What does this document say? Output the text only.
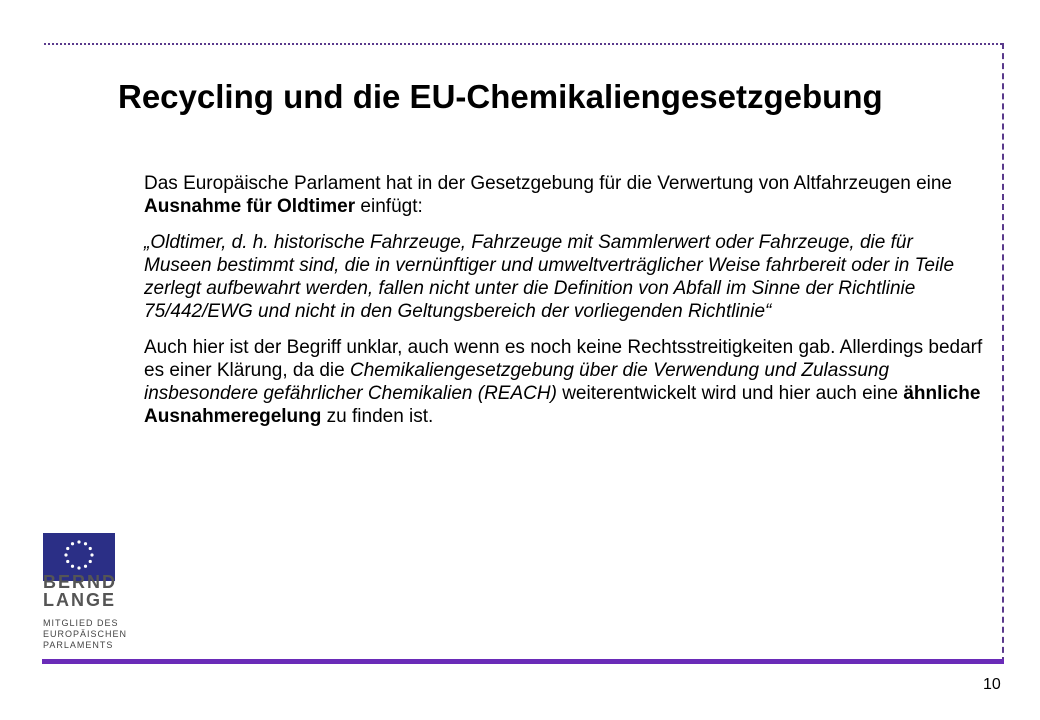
Recycling und die EU-Chemikaliengesetzgebung

Das Europäische Parlament hat in der Gesetzgebung für die Verwertung von Altfahrzeugen eine Ausnahme für Oldtimer einfügt:

„Oldtimer, d. h. historische Fahrzeuge, Fahrzeuge mit Sammlerwert oder Fahrzeuge, die für Museen bestimmt sind, die in vernünftiger und umweltverträglicher Weise fahrbereit oder in Teile zerlegt aufbewahrt werden, fallen nicht unter die Definition von Abfall im Sinne der Richtlinie 75/442/EWG und nicht in den Geltungsbereich der vorliegenden Richtlinie“

Auch hier ist der Begriff unklar, auch wenn es noch keine Rechtsstreitigkeiten gab. Allerdings bedarf es einer Klärung, da die Chemikaliengesetzgebung über die Verwendung und Zulassung insbesondere gefährlicher Chemikalien (REACH) weiterentwickelt wird und hier auch eine ähnliche Ausnahmeregelung zu finden ist.

BERND
LANGE
MITGLIED DES
EUROPÄISCHEN
PARLAMENTS
10
